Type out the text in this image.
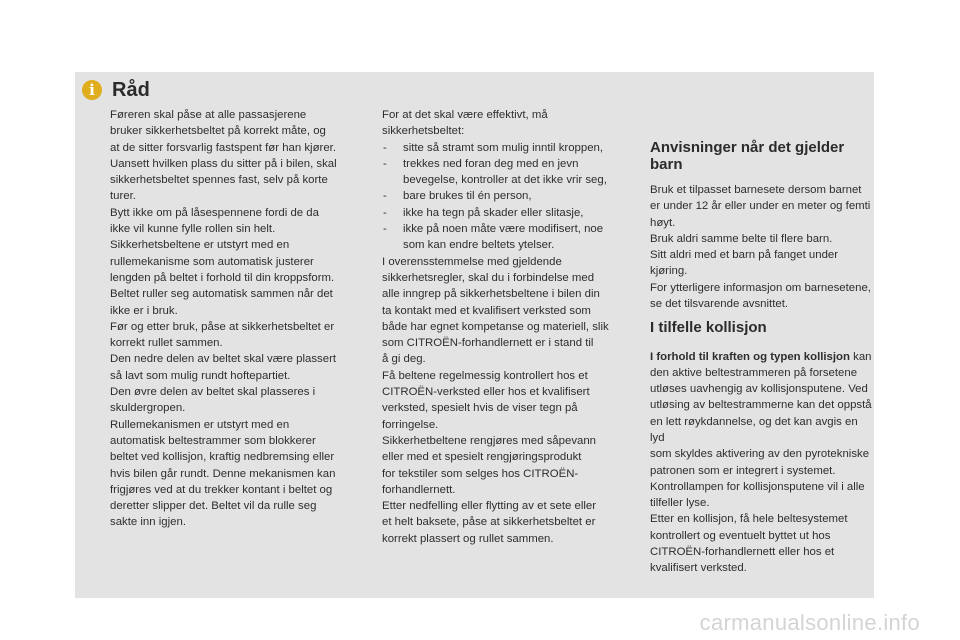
i Råd

Føreren skal påse at alle passasjerene

bruker sikkerhetsbeltet på korrekt måte, og

at de sitter forsvarlig fastspent før han kjører.

Uansett hvilken plass du sitter på i bilen, skal

sikkerhetsbeltet spennes fast, selv på korte

turer.

Bytt ikke om på låsespennene fordi de da

ikke vil kunne fylle rollen sin helt.

Sikkerhetsbeltene er utstyrt med en

rullemekanisme som automatisk justerer

lengden på beltet i forhold til din kroppsform.

Beltet ruller seg automatisk sammen når det

ikke er i bruk.

Før og etter bruk, påse at sikkerhetsbeltet er

korrekt rullet sammen.

Den nedre delen av beltet skal være plassert

så lavt som mulig rundt hoftepartiet.

Den øvre delen av beltet skal plasseres i

skuldergropen.

Rullemekanismen er utstyrt med en

automatisk beltestrammer som blokkerer

beltet ved kollisjon, kraftig nedbremsing eller

hvis bilen går rundt. Denne mekanismen kan

frigjøres ved at du trekker kontant i beltet og

deretter slipper det. Beltet vil da rulle seg

sakte inn igjen.

For at det skal være effektivt, må

sikkerhetsbeltet:

- sitte så stramt som mulig inntil kroppen,
- trekkes ned foran deg med en jevn
bevegelse, kontroller at det ikke vrir seg,
- bare brukes til én person,
- ikke ha tegn på skader eller slitasje,
- ikke på noen måte være modifisert, noe
som kan endre beltets ytelser.

I overensstemmelse med gjeldende

sikkerhetsregler, skal du i forbindelse med

alle inngrep på sikkerhetsbeltene i bilen din

ta kontakt med et kvalifisert verksted som

både har egnet kompetanse og materiell, slik

som CITROËN-forhandlernett er i stand til

å gi deg.

Få beltene regelmessig kontrollert hos et

CITROËN-verksted eller hos et kvalifisert

verksted, spesielt hvis de viser tegn på

forringelse.

Sikkerhetbeltene rengjøres med såpevann

eller med et spesielt rengjøringsprodukt

for tekstiler som selges hos CITROËN-

forhandlernett.

Etter nedfelling eller flytting av et sete eller

et helt baksete, påse at sikkerhetsbeltet er

korrekt plassert og rullet sammen.

Anvisninger når det gjelder
barn

Bruk et tilpasset barnesete dersom barnet

er under 12 år eller under en meter og femti

høyt.

Bruk aldri samme belte til flere barn.

Sitt aldri med et barn på fanget under

kjøring.

For ytterligere informasjon om barnesetene,

se det tilsvarende avsnittet.

I tilfelle kollisjon

I forhold til kraften og typen kollisjon kan

den aktive beltestrammeren på forsetene

utløses uavhengig av kollisjonsputene. Ved

utløsing av beltestrammerne kan det oppstå

en lett røykdannelse, og det kan avgis en lyd

som skyldes aktivering av den pyrotekniske

patronen som er integrert i systemet.

Kontrollampen for kollisjonsputene vil i alle

tilfeller lyse.

Etter en kollisjon, få hele beltesystemet

kontrollert og eventuelt byttet ut hos

CITROËN-forhandlernett eller hos et

kvalifisert verksted.

carmanualsonline.info
